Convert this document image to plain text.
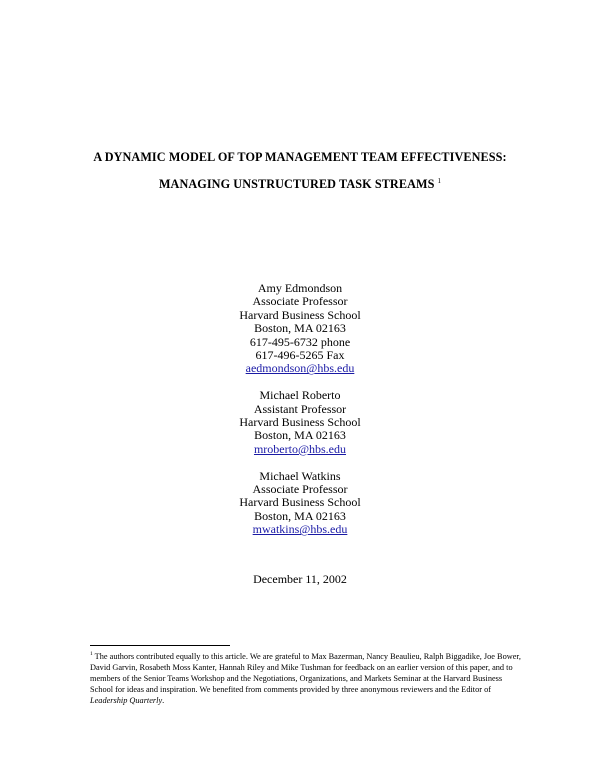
A DYNAMIC MODEL OF TOP MANAGEMENT TEAM EFFECTIVENESS:
MANAGING UNSTRUCTURED TASK STREAMS $^1$
Amy Edmondson
Associate Professor
Harvard Business School
Boston, MA 02163
617-495-6732 phone
617-496-5265 Fax
aedmondson@hbs.edu
Michael Roberto
Assistant Professor
Harvard Business School
Boston, MA 02163
mroberto@hbs.edu
Michael Watkins
Associate Professor
Harvard Business School
Boston, MA 02163
mwatkins@hbs.edu
December 11, 2002
$^1$ The authors contributed equally to this article. We are grateful to Max Bazerman, Nancy Beaulieu, Ralph Biggadike, Joe Bower, David Garvin, Rosabeth Moss Kanter, Hannah Riley and Mike Tushman for feedback on an earlier version of this paper, and to members of the Senior Teams Workshop and the Negotiations, Organizations, and Markets Seminar at the Harvard Business School for ideas and inspiration. We benefited from comments provided by three anonymous reviewers and the Editor of Leadership Quarterly.
